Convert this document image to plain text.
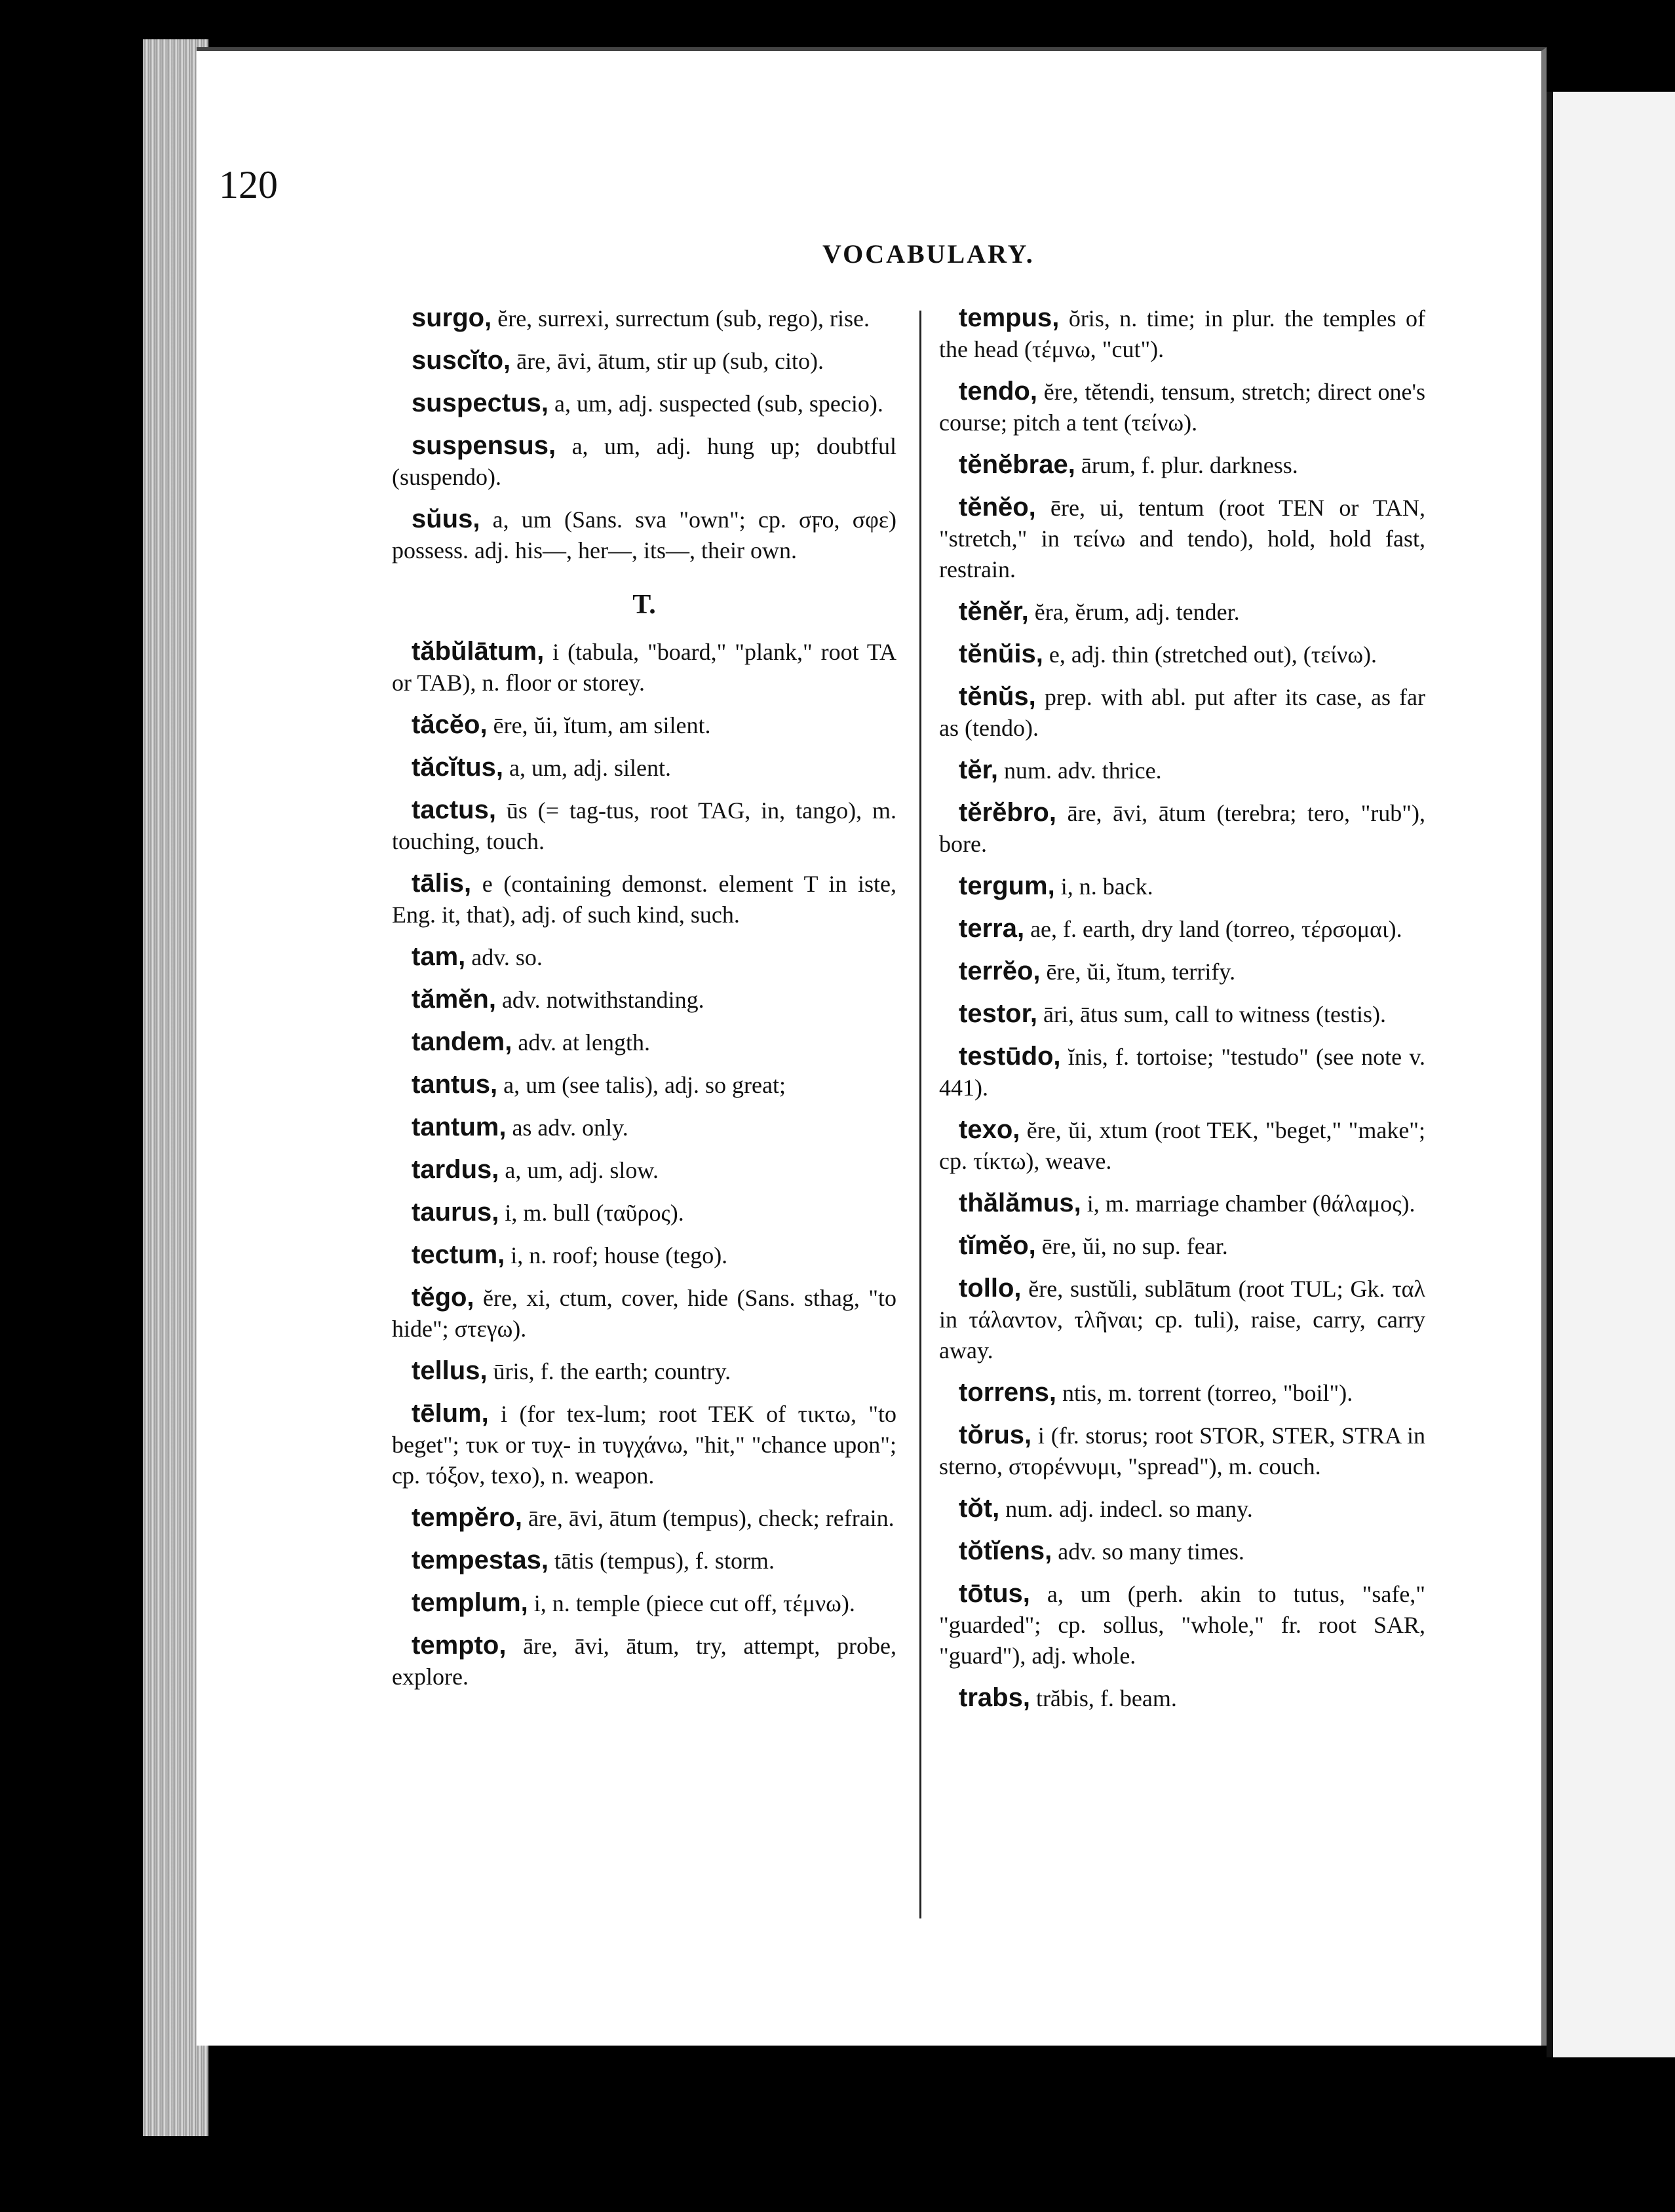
120
VOCABULARY.

surgo, ĕre, surrexi, surrectum (sub, rego), rise.

suscĭto, āre, āvi, ātum, stir up (sub, cito).

suspectus, a, um, adj. suspected (sub, specio).

suspensus, a, um, adj. hung up; doubtful (suspendo).

sŭus, a, um (Sans. sva "own"; cp. σϝo, σφε) possess. adj. his—, her—, its—, their own.

T.

tăbŭlātum, i (tabula, "board," "plank," root TA or TAB), n. floor or storey.

tăcĕo, ēre, ŭi, ĭtum, am silent.

tăcĭtus, a, um, adj. silent.

tactus, ūs (= tag-tus, root TAG, in, tango), m. touching, touch.

tālis, e (containing demonst. element T in iste, Eng. it, that), adj. of such kind, such.

tam, adv. so.

tămĕn, adv. notwithstanding.

tandem, adv. at length.

tantus, a, um (see talis), adj. so great;

tantum, as adv. only.

tardus, a, um, adj. slow.

taurus, i, m. bull (ταῦρος).

tectum, i, n. roof; house (tego).

tĕgo, ĕre, xi, ctum, cover, hide (Sans. sthag, "to hide"; στεγω).

tellus, ūris, f. the earth; country.

tēlum, i (for tex-lum; root TEK of τικτω, "to beget"; τυκ or τυχ- in τυγχάνω, "hit," "chance upon"; cp. τόξον, texo), n. weapon.

tempĕro, āre, āvi, ātum (tempus), check; refrain.

tempestas, tātis (tempus), f. storm.

templum, i, n. temple (piece cut off, τέμνω).

tempto, āre, āvi, ātum, try, attempt, probe, explore.

tempus, ŏris, n. time; in plur. the temples of the head (τέμνω, "cut").

tendo, ĕre, tĕtendi, tensum, stretch; direct one's course; pitch a tent (τείνω).

tĕnĕbrae, ārum, f. plur. darkness.

tĕnĕo, ēre, ui, tentum (root TEN or TAN, "stretch," in τείνω and tendo), hold, hold fast, restrain.

tĕnĕr, ĕra, ĕrum, adj. tender.

tĕnŭis, e, adj. thin (stretched out), (τείνω).

tĕnŭs, prep. with abl. put after its case, as far as (tendo).

tĕr, num. adv. thrice.

tĕrĕbro, āre, āvi, ātum (terebra; tero, "rub"), bore.

tergum, i, n. back.

terra, ae, f. earth, dry land (torreo, τέρσομαι).

terrĕo, ēre, ŭi, ĭtum, terrify.

testor, āri, ātus sum, call to witness (testis).

testūdo, ĭnis, f. tortoise; "testudo" (see note v. 441).

texo, ĕre, ŭi, xtum (root TEK, "beget," "make"; cp. τίκτω), weave.

thălămus, i, m. marriage chamber (θάλαμος).

tĭmĕo, ēre, ŭi, no sup. fear.

tollo, ĕre, sustŭli, sublātum (root TUL; Gk. ταλ in τάλαντον, τλῆναι; cp. tuli), raise, carry, carry away.

torrens, ntis, m. torrent (torreo, "boil").

tŏrus, i (fr. storus; root STOR, STER, STRA in sterno, στορέννυμι, "spread"), m. couch.

tŏt, num. adj. indecl. so many.

tŏtĭens, adv. so many times.

tōtus, a, um (perh. akin to tutus, "safe," "guarded"; cp. sollus, "whole," fr. root SAR, "guard"), adj. whole.

trabs, trăbis, f. beam.
